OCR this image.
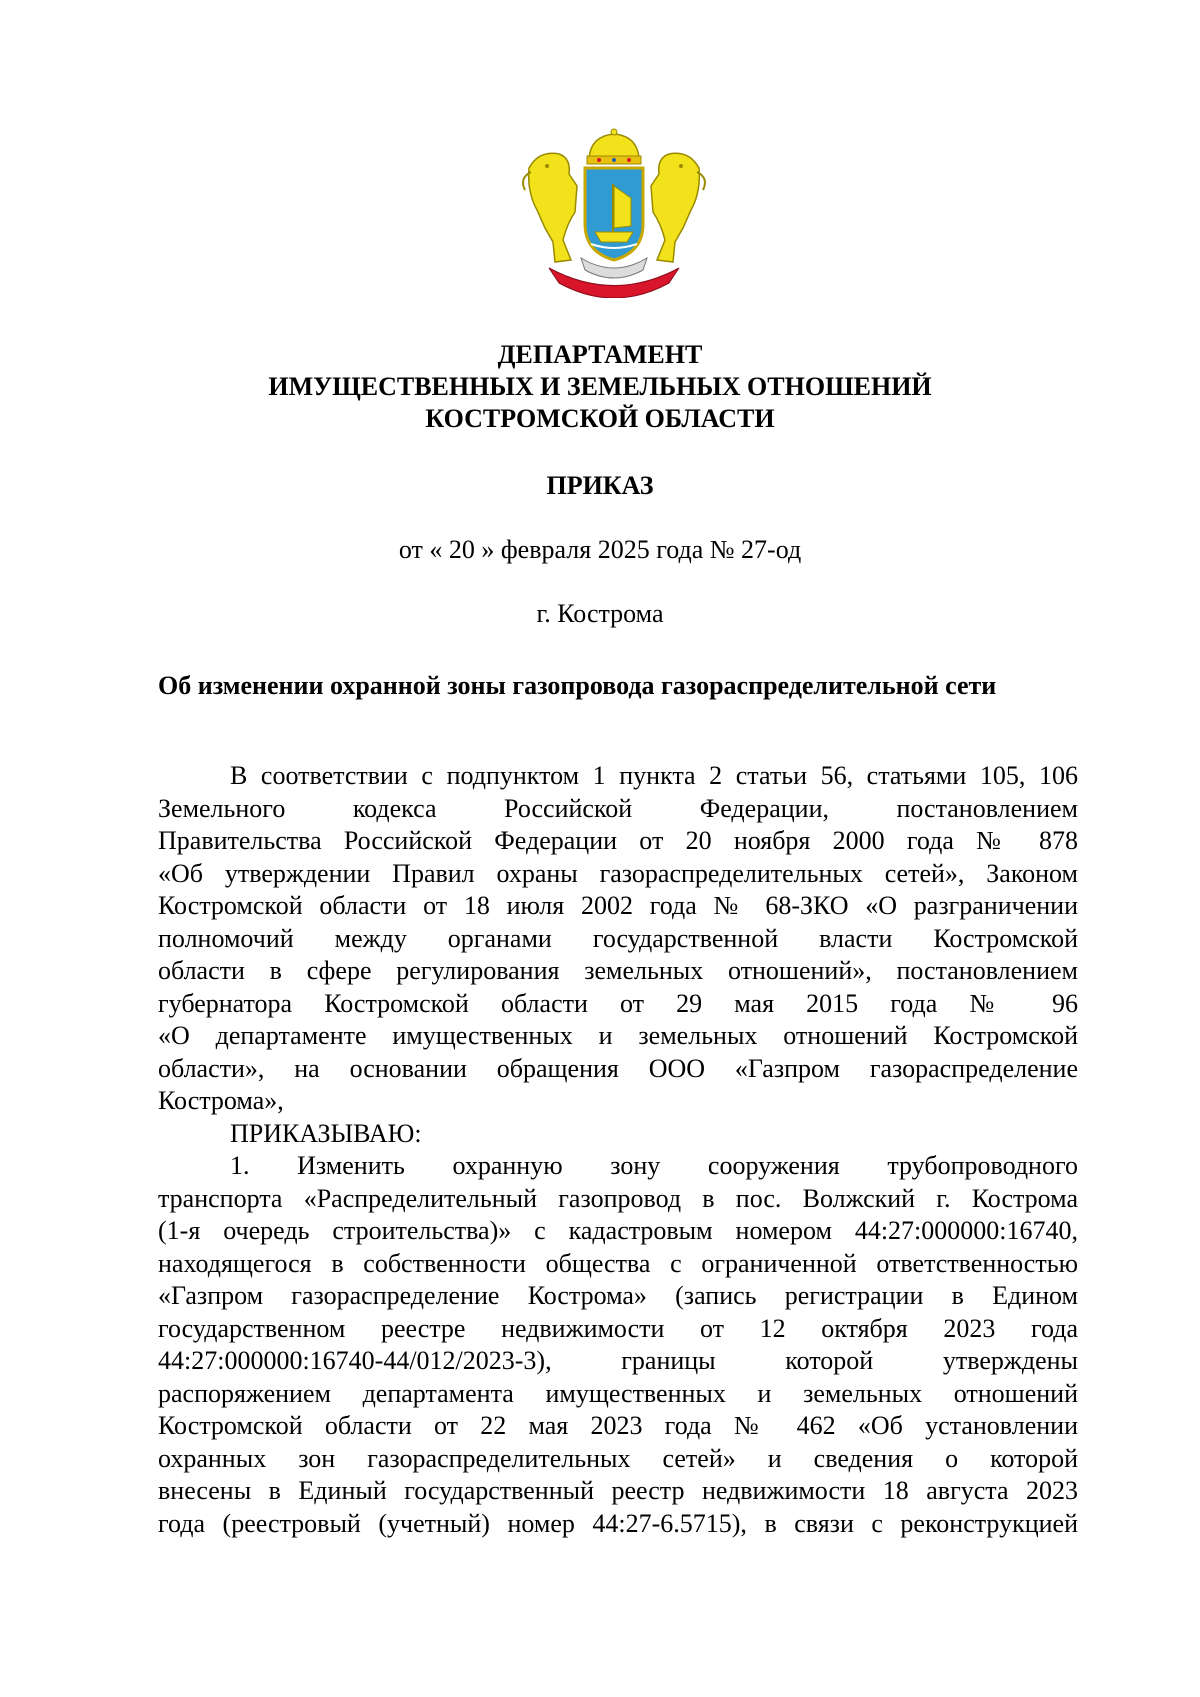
ДЕПАРТАМЕНТ
ИМУЩЕСТВЕННЫХ И ЗЕМЕЛЬНЫХ ОТНОШЕНИЙ
КОСТРОМСКОЙ ОБЛАСТИ
ПРИКАЗ
от « 20 » февраля 2025 года № 27-од
г. Кострома
Об изменении охранной зоны газопровода газораспределительной сети
В соответствии с подпунктом 1 пункта 2 статьи 56, статьями 105, 106
Земельного кодекса Российской Федерации, постановлением
Правительства Российской Федерации от 20 ноября 2000 года № 878
«Об утверждении Правил охраны газораспределительных сетей», Законом
Костромской области от 18 июля 2002 года № 68-ЗКО «О разграничении
полномочий между органами государственной власти Костромской
области в сфере регулирования земельных отношений», постановлением
губернатора Костромской области от 29 мая 2015 года № 96
«О департаменте имущественных и земельных отношений Костромской
области», на основании обращения ООО «Газпром газораспределение
Кострома»,
ПРИКАЗЫВАЮ:
1. Изменить охранную зону сооружения трубопроводного
транспорта «Распределительный газопровод в пос. Волжский г. Кострома
(1-я очередь строительства)» с кадастровым номером 44:27:000000:16740,
находящегося в собственности общества с ограниченной ответственностью
«Газпром газораспределение Кострома» (запись регистрации в Едином
государственном реестре недвижимости от 12 октября 2023 года
44:27:000000:16740-44/012/2023-3), границы которой утверждены
распоряжением департамента имущественных и земельных отношений
Костромской области от 22 мая 2023 года № 462 «Об установлении
охранных зон газораспределительных сетей» и сведения о которой
внесены в Единый государственный реестр недвижимости 18 августа 2023
года (реестровый (учетный) номер 44:27-6.5715), в связи с реконструкцией
